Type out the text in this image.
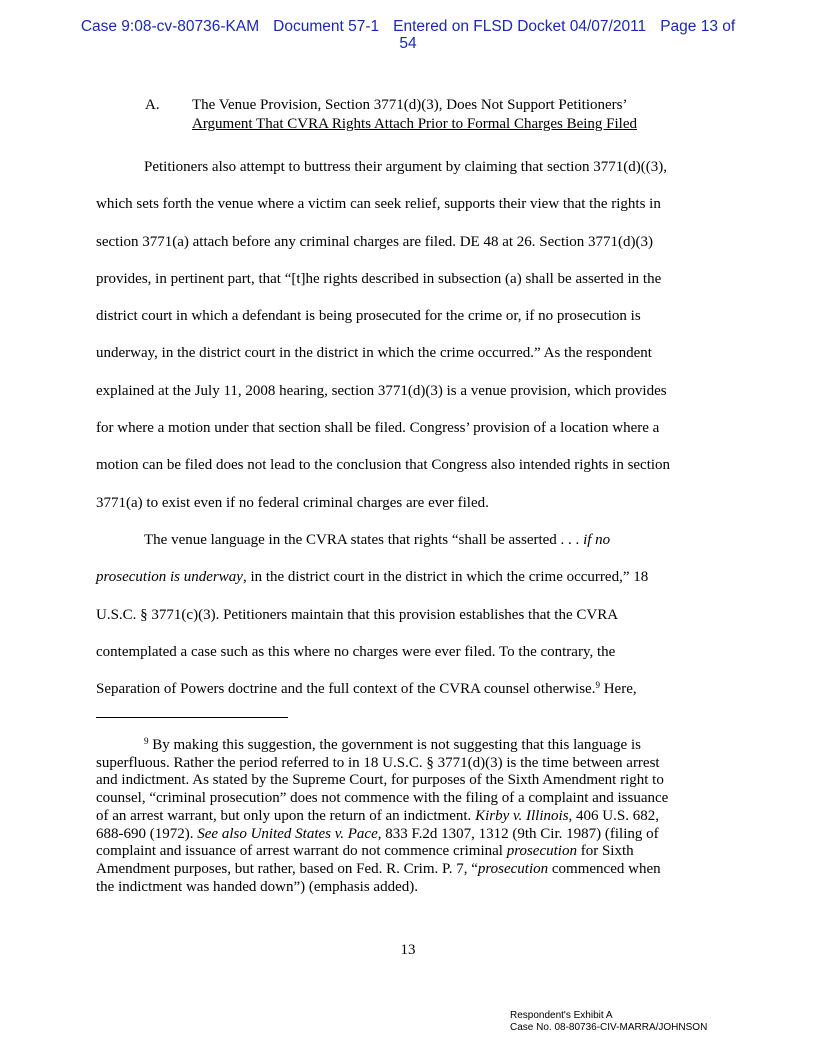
Case 9:08-cv-80736-KAM Document 57-1 Entered on FLSD Docket 04/07/2011 Page 13 of
54
A. The Venue Provision, Section 3771(d)(3), Does Not Support Petitioners’
Argument That CVRA Rights Attach Prior to Formal Charges Being Filed
Petitioners also attempt to buttress their argument by claiming that section 3771(d)((3),
which sets forth the venue where a victim can seek relief, supports their view that the rights in
section 3771(a) attach before any criminal charges are filed. DE 48 at 26. Section 3771(d)(3)
provides, in pertinent part, that “[t]he rights described in subsection (a) shall be asserted in the
district court in which a defendant is being prosecuted for the crime or, if no prosecution is
underway, in the district court in the district in which the crime occurred.” As the respondent
explained at the July 11, 2008 hearing, section 3771(d)(3) is a venue provision, which provides
for where a motion under that section shall be filed. Congress’ provision of a location where a
motion can be filed does not lead to the conclusion that Congress also intended rights in section
3771(a) to exist even if no federal criminal charges are ever filed.
The venue language in the CVRA states that rights “shall be asserted . . . if no
prosecution is underway, in the district court in the district in which the crime occurred,” 18
U.S.C. § 3771(c)(3). Petitioners maintain that this provision establishes that the CVRA
contemplated a case such as this where no charges were ever filed. To the contrary, the
Separation of Powers doctrine and the full context of the CVRA counsel otherwise.$^9$ Here,
$^9$ By making this suggestion, the government is not suggesting that this language is
superfluous. Rather the period referred to in 18 U.S.C. § 3771(d)(3) is the time between arrest
and indictment. As stated by the Supreme Court, for purposes of the Sixth Amendment right to
counsel, “criminal prosecution” does not commence with the filing of a complaint and issuance
of an arrest warrant, but only upon the return of an indictment. Kirby v. Illinois, 406 U.S. 682,
688-690 (1972). See also United States v. Pace, 833 F.2d 1307, 1312 (9th Cir. 1987) (filing of
complaint and issuance of arrest warrant do not commence criminal prosecution for Sixth
Amendment purposes, but rather, based on Fed. R. Crim. P. 7, “prosecution commenced when
the indictment was handed down”) (emphasis added).
13
Respondent's Exhibit A
Case No. 08-80736-CIV-MARRA/JOHNSON
